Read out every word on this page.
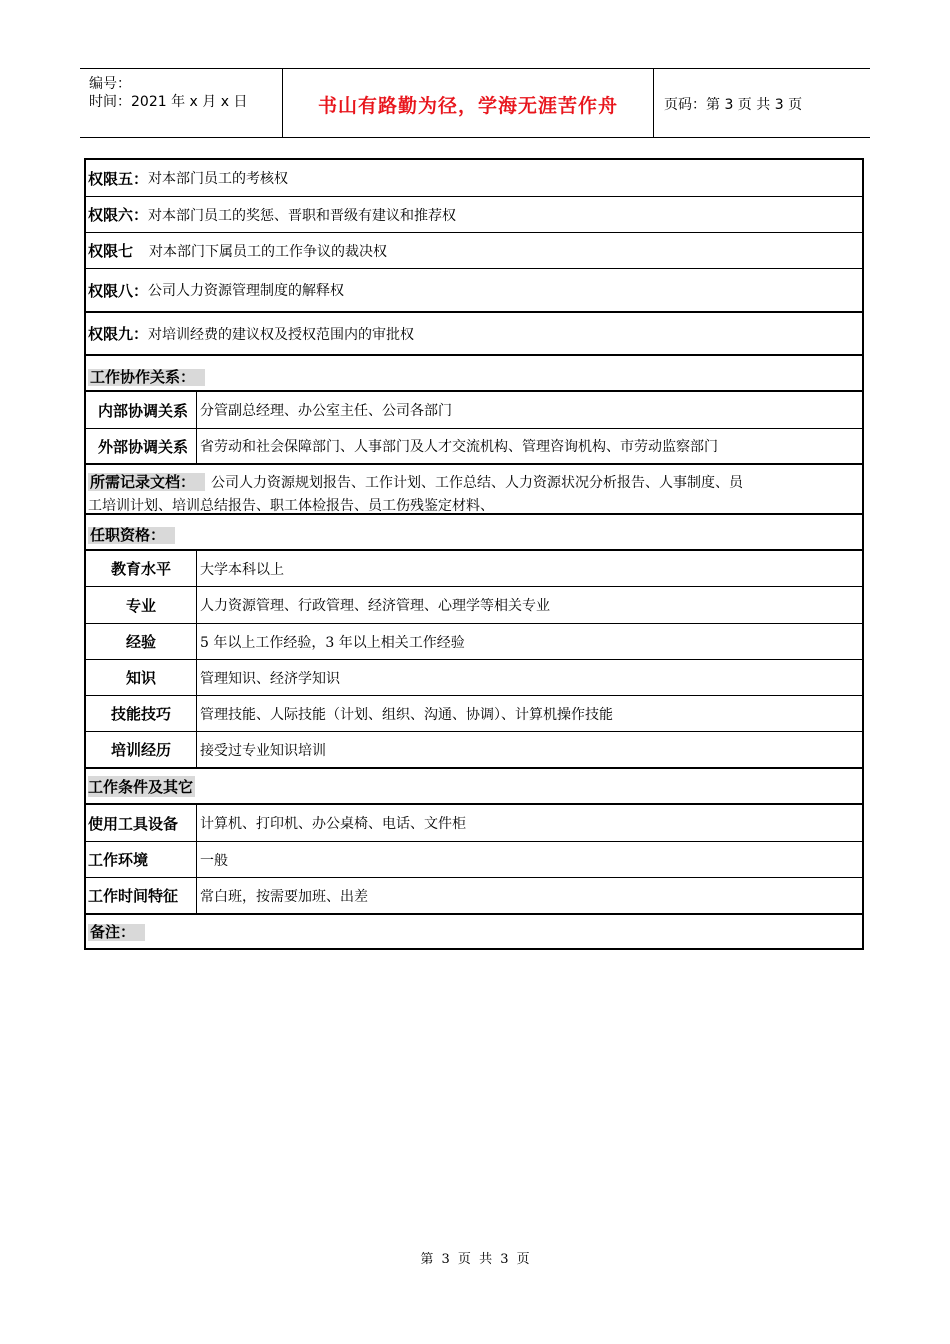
编号：
时间：2021 年 x 月 x 日	书山有路勤为径，学海无涯苦作舟	页码：第 3 页 共 3 页
权限五： 对本部门员工的考核权
权限六： 对本部门员工的奖惩、晋职和晋级有建议和推荐权
权限七 对本部门下属员工的工作争议的裁决权
权限八： 公司人力资源管理制度的解释权
权限九： 对培训经费的建议权及授权范围内的审批权
工作协作关系：
内部协调关系 分管副总经理、办公室主任、公司各部门
外部协调关系 省劳动和社会保障部门、人事部门及人才交流机构、管理咨询机构、市劳动监察部门
所需记录文档： 公司人力资源规划报告、工作计划、工作总结、人力资源状况分析报告、人事制度、员
工培训计划、培训总结报告、职工体检报告、员工伤残鉴定材料、
任职资格：
教育水平 大学本科以上
专业	人力资源管理、行政管理、经济管理、心理学等相关专业
经验	5 年以上工作经验，3 年以上相关工作经验
知识	管理知识、经济学知识
技能技巧 管理技能、人际技能（计划、组织、沟通、协调）、计算机操作技能
培训经历 接受过专业知识培训
工作条件及其它
使用工具设备 计算机、打印机、办公桌椅、电话、文件柜
工作环境	一般
工作时间特征 常白班，按需要加班、出差
备注：
第 3 页 共 3 页
